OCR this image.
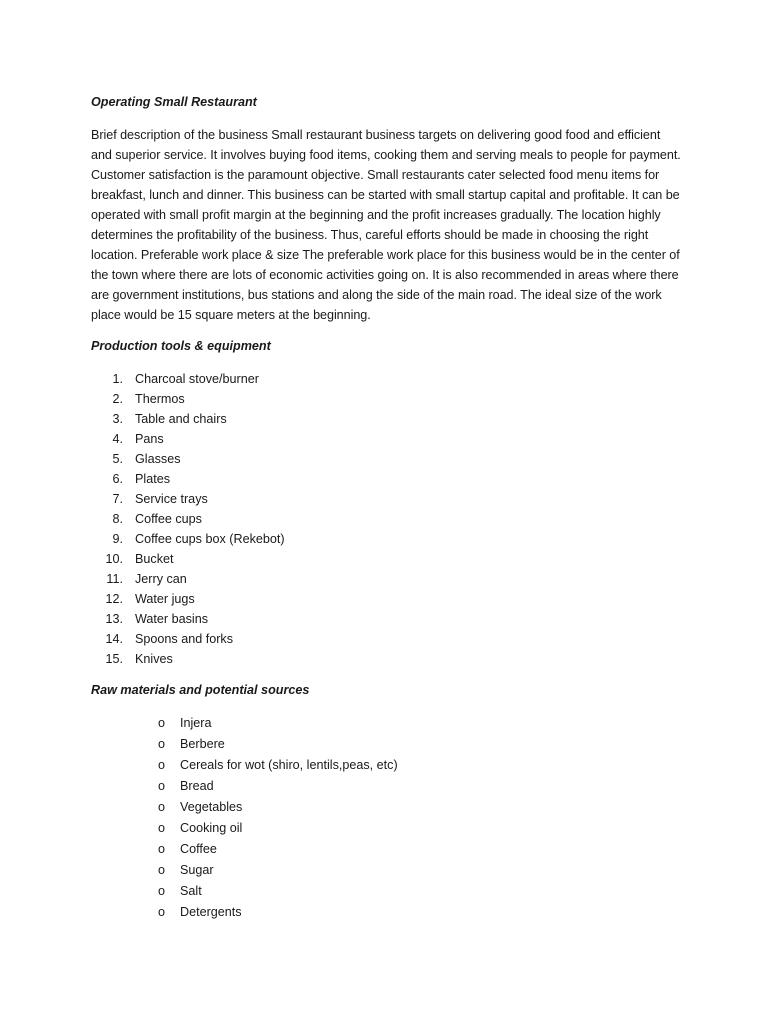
Operating Small Restaurant

Brief description of the business Small restaurant business targets on delivering good food and efficient and superior service. It involves buying food items, cooking them and serving meals to people for payment. Customer satisfaction is the paramount objective. Small restaurants cater selected food menu items for breakfast, lunch and dinner. This business can be started with small startup capital and profitable. It can be operated with small profit margin at the beginning and the profit increases gradually. The location highly determines the profitability of the business. Thus, careful efforts should be made in choosing the right location. Preferable work place & size The preferable work place for this business would be in the center of the town where there are lots of economic activities going on. It is also recommended in areas where there are government institutions, bus stations and along the side of the main road. The ideal size of the work place would be 15 square meters at the beginning.

Production tools & equipment

1. Charcoal stove/burner
2. Thermos
3. Table and chairs
4. Pans
5. Glasses
6. Plates
7. Service trays
8. Coffee cups
9. Coffee cups box (Rekebot)
10. Bucket
11. Jerry can
12. Water jugs
13. Water basins
14. Spoons and forks
15. Knives

Raw materials and potential sources

o Injera
o Berbere
o Cereals for wot (shiro, lentils,peas, etc)
o Bread
o Vegetables
o Cooking oil
o Coffee
o Sugar
o Salt
o Detergents
